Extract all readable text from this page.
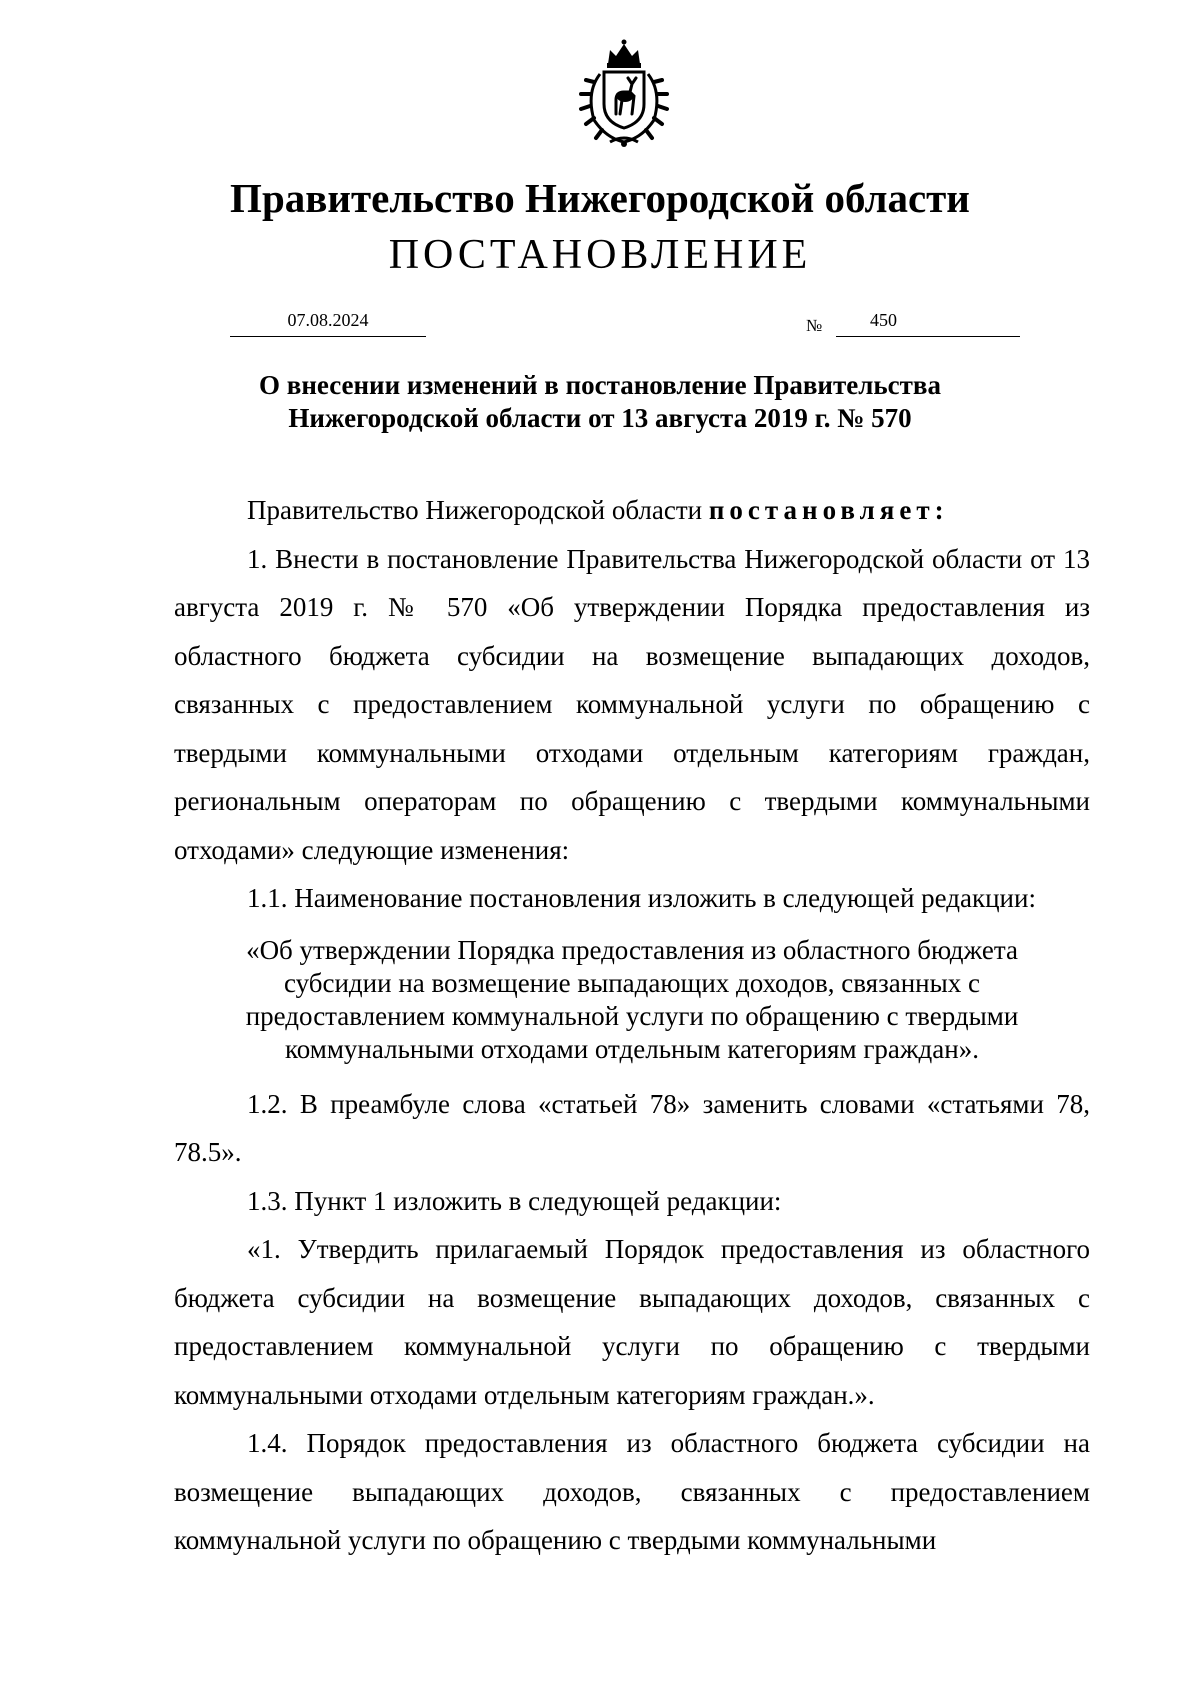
Правительство Нижегородской области
ПОСТАНОВЛЕНИЕ
07.08.2024	№	450
О внесении изменений в постановление Правительства
Нижегородской области от 13 августа 2019 г. № 570

Правительство Нижегородской области постановляет:

1. Внести в постановление Правительства Нижегородской области от 13 августа 2019 г. № 570 «Об утверждении Порядка предоставления из областного бюджета субсидии на возмещение выпадающих доходов, связанных с предоставлением коммунальной услуги по обращению с твердыми коммунальными отходами отдельным категориям граждан, региональным операторам по обращению с твердыми коммунальными отходами» следующие изменения:

1.1. Наименование постановления изложить в следующей редакции:

«Об утверждении Порядка предоставления из областного бюджета
субсидии на возмещение выпадающих доходов, связанных с
предоставлением коммунальной услуги по обращению с твердыми
коммунальными отходами отдельным категориям граждан».

1.2. В преамбуле слова «статьей 78» заменить словами «статьями 78, 78.5».

1.3. Пункт 1 изложить в следующей редакции:

«1. Утвердить прилагаемый Порядок предоставления из областного бюджета субсидии на возмещение выпадающих доходов, связанных с предоставлением коммунальной услуги по обращению с твердыми коммунальными отходами отдельным категориям граждан.».

1.4. Порядок предоставления из областного бюджета субсидии на возмещение выпадающих доходов, связанных с предоставлением коммунальной услуги по обращению с твердыми коммунальными
